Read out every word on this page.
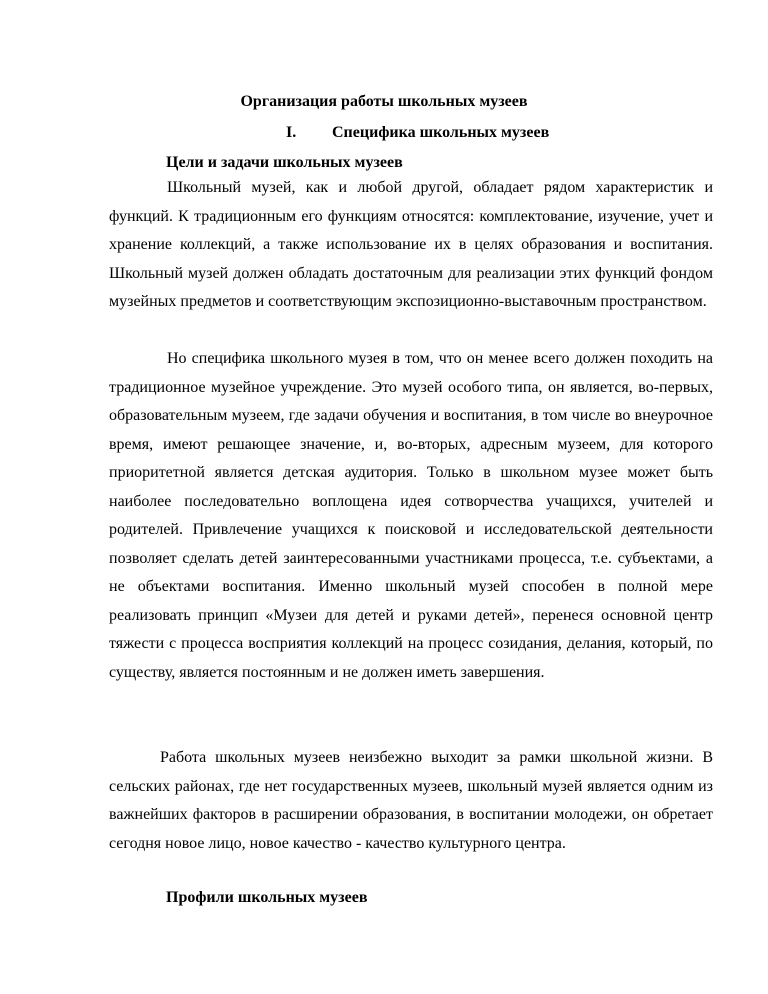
Организация работы школьных музеев
I. Специфика школьных музеев
Цели и задачи школьных музеев
Школьный музей, как и любой другой, обладает рядом характеристик и функций. К традиционным его функциям относятся: комплектование, изучение, учет и хранение коллекций, а также использование их в целях образования и воспитания. Школьный музей должен обладать достаточным для реализации этих функций фондом музейных предметов и соответствующим экспозиционно-выставочным пространством.
Но специфика школьного музея в том, что он менее всего должен походить на традиционное музейное учреждение. Это музей особого типа, он является, во-первых, образовательным музеем, где задачи обучения и воспитания, в том числе во внеурочное время, имеют решающее значение, и, во-вторых, адресным музеем, для которого приоритетной является детская аудитория. Только в школьном музее может быть наиболее последовательно воплощена идея сотворчества учащихся, учителей и родителей. Привлечение учащихся к поисковой и исследовательской деятельности позволяет сделать детей заинтересованными участниками процесса, т.е. субъектами, а не объектами воспитания. Именно школьный музей способен в полной мере реализовать принцип «Музеи для детей и руками детей», перенеся основной центр тяжести с процесса восприятия коллекций на процесс созидания, делания, который, по существу, является постоянным и не должен иметь завершения.
Работа школьных музеев неизбежно выходит за рамки школьной жизни. В сельских районах, где нет государственных музеев, школьный музей является одним из важнейших факторов в расширении образования, в воспитании молодежи, он обретает сегодня новое лицо, новое качество - качество культурного центра.
Профили школьных музеев
